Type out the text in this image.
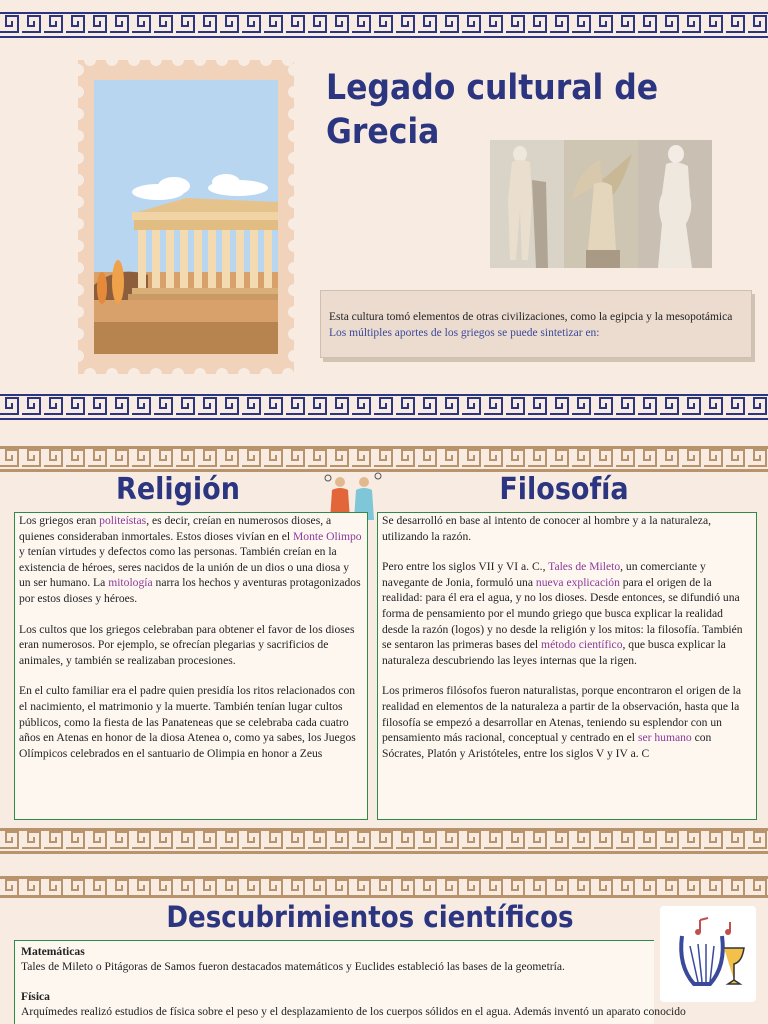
Legado cultural de
Grecia
Esta cultura tomó elementos de otras civilizaciones, como la egipcia y la mesopotámica Los múltiples aportes de los griegos se puede sintetizar en:
Religión	Filosofía

Los griegos eran politeístas, es decir, creían en numerosos dioses, a quienes consideraban inmortales. Estos dioses vivían en el Monte Olimpo y tenían virtudes y defectos como las personas. También creían en la existencia de héroes, seres nacidos de la unión de un dios o una diosa y un ser humano. La mitología narra los hechos y aventuras protagonizados por estos dioses y héroes.

Los cultos que los griegos celebraban para obtener el favor de los dioses eran numerosos. Por ejemplo, se ofrecían plegarias y sacrificios de animales, y también se realizaban procesiones.

En el culto familiar era el padre quien presidía los ritos relacionados con el nacimiento, el matrimonio y la muerte. También tenían lugar cultos públicos, como la fiesta de las Panateneas que se celebraba cada cuatro años en Atenas en honor de la diosa Atenea o, como ya sabes, los Juegos Olímpicos celebrados en el santuario de Olimpia en honor a Zeus

Se desarrolló en base al intento de conocer al hombre y a la naturaleza, utilizando la razón.

Pero entre los siglos VII y VI a. C., Tales de Mileto, un comerciante y navegante de Jonia, formuló una nueva explicación para el origen de la realidad: para él era el agua, y no los dioses. Desde entonces, se difundió una forma de pensamiento por el mundo griego que busca explicar la realidad desde la razón (logos) y no desde la religión y los mitos: la filosofía. También se sentaron las primeras bases del método científico, que busca explicar la naturaleza descubriendo las leyes internas que la rigen.

Los primeros filósofos fueron naturalistas, porque encontraron el origen de la realidad en elementos de la naturaleza a partir de la observación, hasta que la filosofía se empezó a desarrollar en Atenas, teniendo su esplendor con un pensamiento más racional, conceptual y centrado en el ser humano con Sócrates, Platón y Aristóteles, entre los siglos V y IV a. C

Descubrimientos científicos
Matemáticas
Tales de Mileto o Pitágoras de Samos fueron destacados matemáticos y Euclides estableció las bases de la geometría.
Física
Arquímedes realizó estudios de física sobre el peso y el desplazamiento de los cuerpos sólidos en el agua. Además inventó un aparato conocido
